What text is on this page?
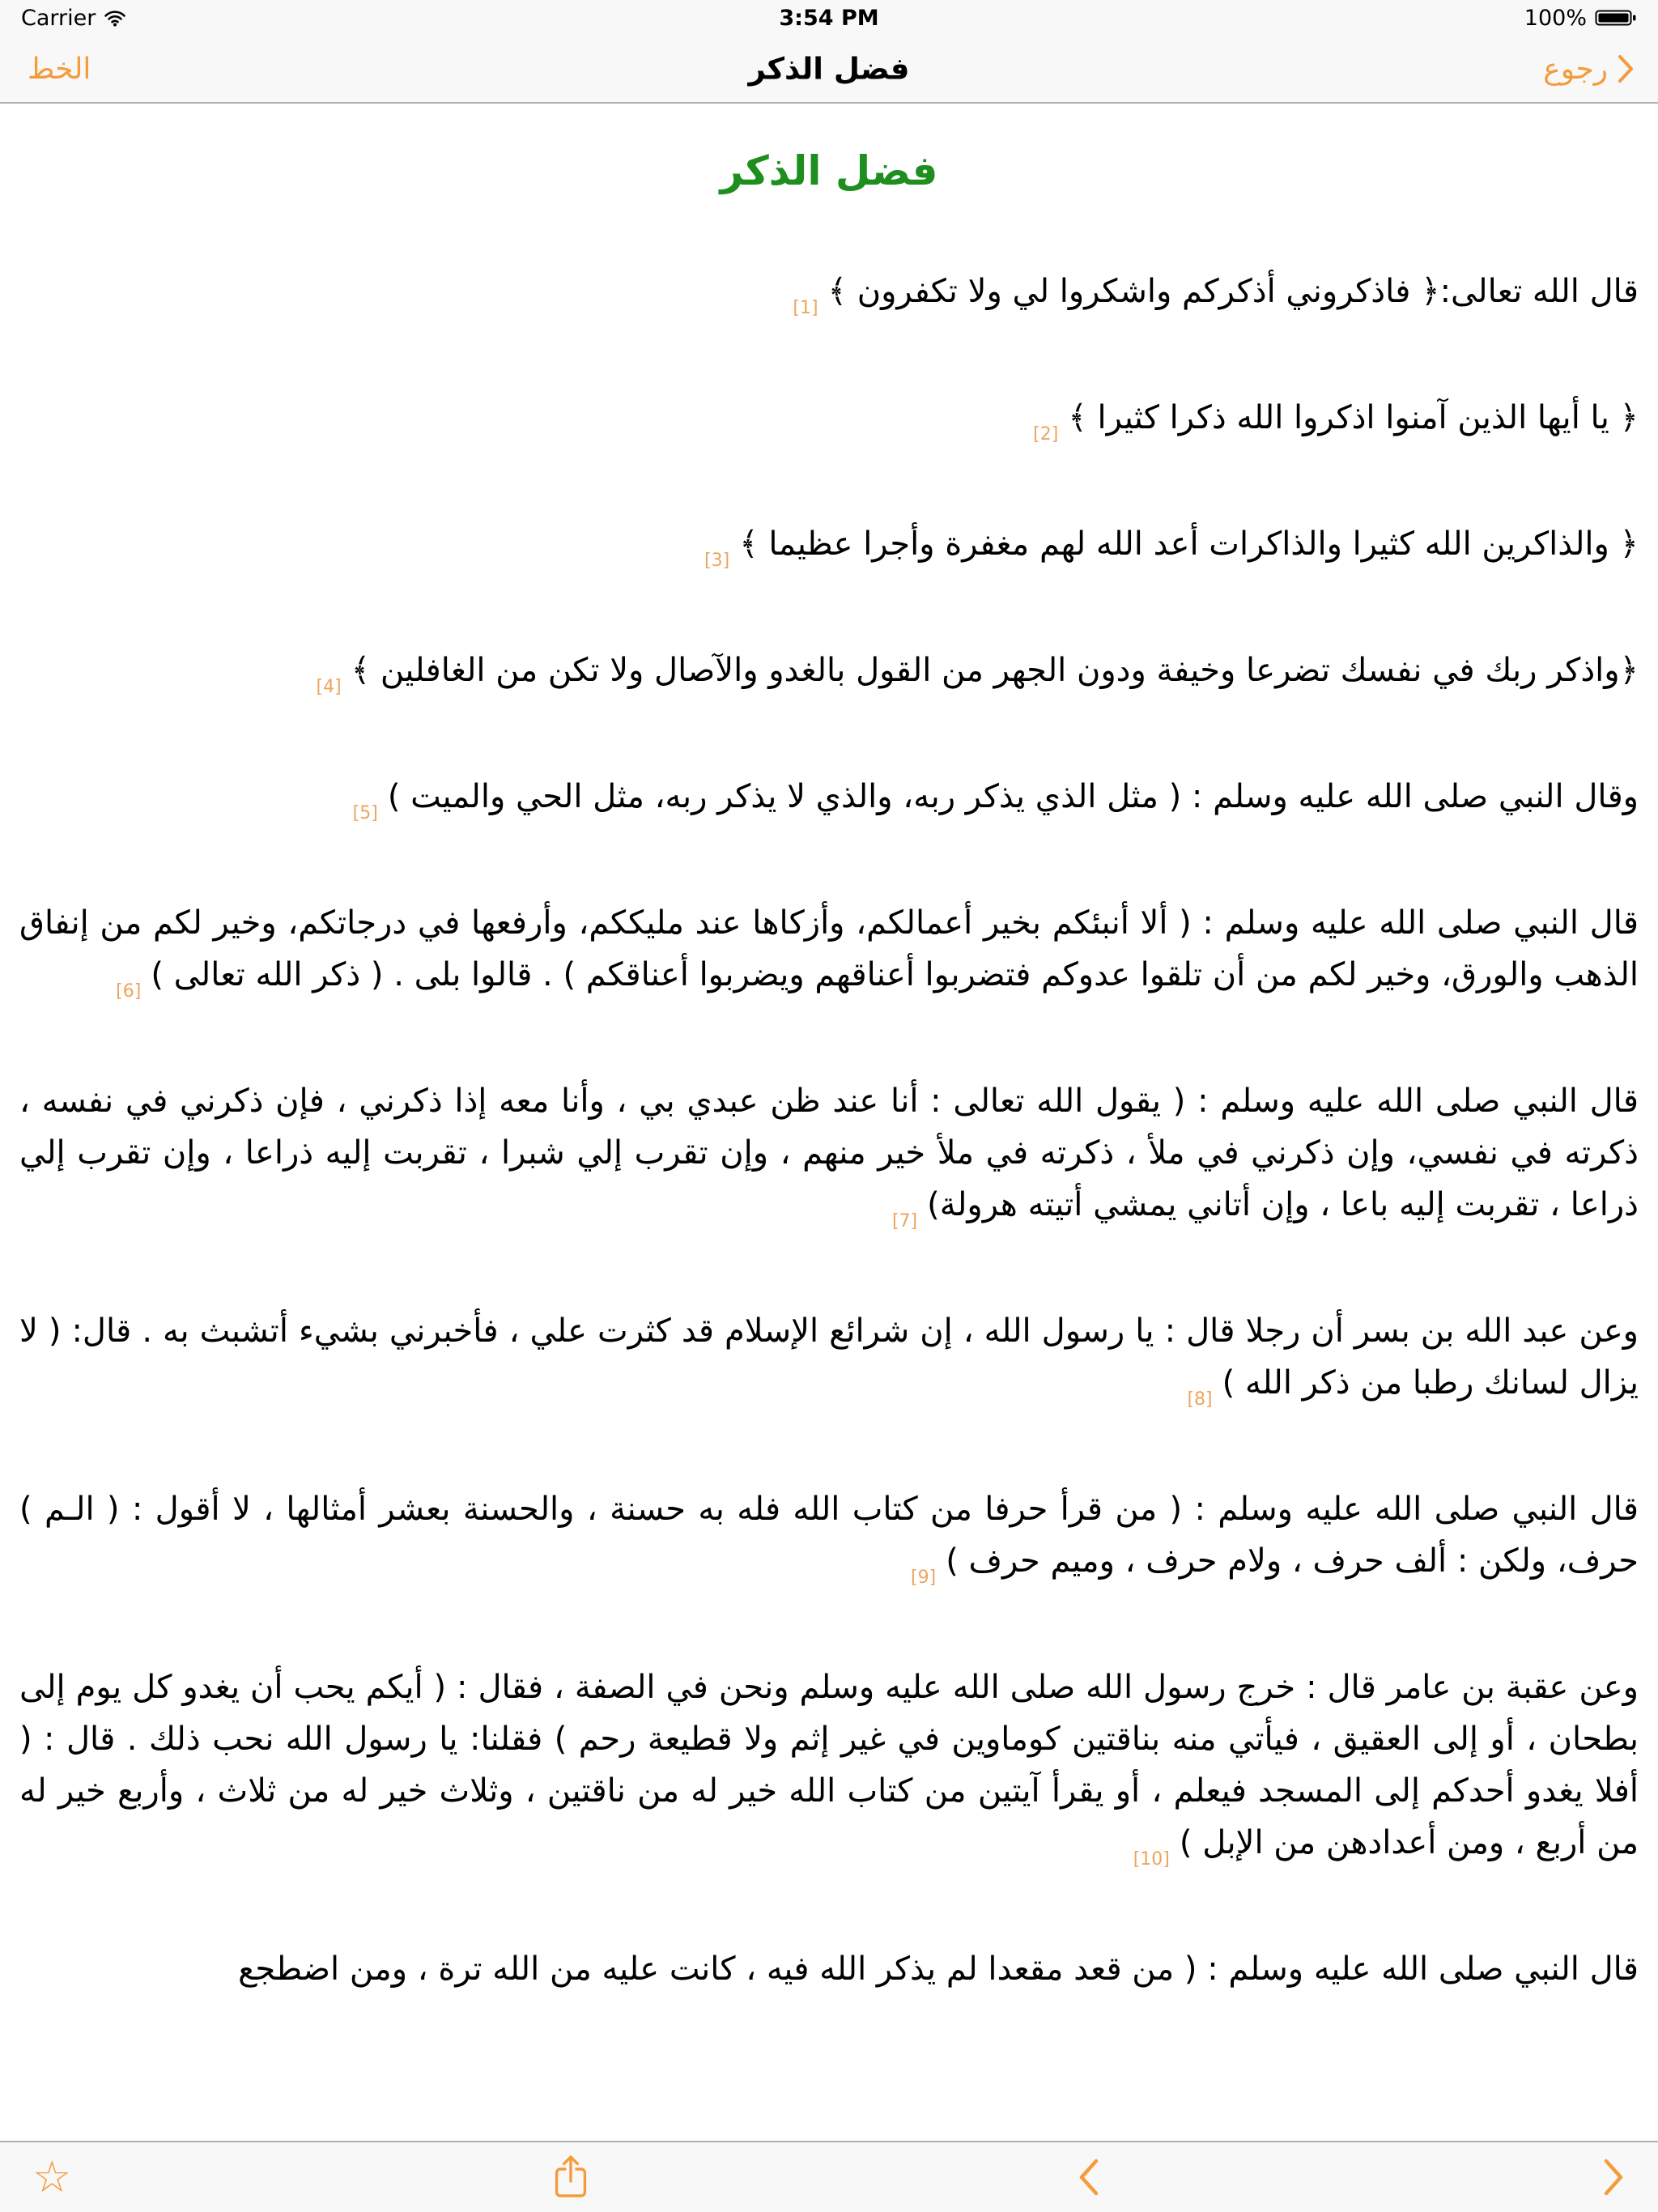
Carrier	3:54 PM	100%
الخط	فضل الذكر	رجوع
فضل الذكر

قال الله تعالى:﴿ فاذكروني أذكركم واشكروا لي ولا تكفرون $﴾_{[1]}$

﴿ يا أيها الذين آمنوا اذكروا الله ذكرا كثيرا $﴾_{[2]}$

﴿ والذاكرين الله كثيرا والذاكرات أعد الله لهم مغفرة وأجرا عظيما $﴾_{[3]}$

﴿واذكر ربك في نفسك تضرعا وخيفة ودون الجهر من القول بالغدو والآصال ولا تكن من الغافلين $﴾_{[4]}$

وقال النبي صلى الله عليه وسلم : ( مثل الذي يذكر ربه، والذي لا يذكر ربه، مثل الحي والميت )$_{[5]}$

قال النبي صلى الله عليه وسلم : ( ألا أنبئكم بخير أعمالكم، وأزكاها عند مليككم، وأرفعها في درجاتكم، وخير لكم من إنفاق الذهب والورق، وخير لكم من أن تلقوا عدوكم فتضربوا أعناقهم ويضربوا أعناقكم ) . قالوا بلى . ( ذكر الله تعالى )$_{[6]}$

قال النبي صلى الله عليه وسلم : ( يقول الله تعالى : أنا عند ظن عبدي بي ، وأنا معه إذا ذكرني ، فإن ذكرني في نفسه ، ذكرته في نفسي، وإن ذكرني في ملأ ، ذكرته في ملأ خير منهم ، وإن تقرب إلي شبرا ، تقربت إليه ذراعا ، وإن تقرب إلي ذراعا ، تقربت إليه باعا ، وإن أتاني يمشي أتيته $هرولة)_{[7]}$

وعن عبد الله بن بسر أن رجلا قال : يا رسول الله ، إن شرائع الإسلام قد كثرت علي ، فأخبرني بشيء أتشبث به . قال: ( لا يزال لسانك رطبا من ذكر الله )$_{[8]}$

قال النبي صلى الله عليه وسلم : ( من قرأ حرفا من كتاب الله فله به حسنة ، والحسنة بعشر أمثالها ، لا أقول : ( الـم ) حرف، ولكن : ألف حرف ، ولام حرف ، وميم حرف )$_{[9]}$

وعن عقبة بن عامر قال : خرج رسول الله صلى الله عليه وسلم ونحن في الصفة ، فقال : ( أيكم يحب أن يغدو كل يوم إلى بطحان ، أو إلى العقيق ، فيأتي منه بناقتين كوماوين في غير إثم ولا قطيعة رحم ) فقلنا: يا رسول الله نحب ذلك . قال : ( أفلا يغدو أحدكم إلى المسجد فيعلم ، أو يقرأ آيتين من كتاب الله خير له من ناقتين ، وثلاث خير له من ثلاث ، وأربع خير له من أربع ، ومن أعدادهن من الإبل )$_{[10]}$

قال النبي صلى الله عليه وسلم : ( من قعد مقعدا لم يذكر الله فيه ، كانت عليه من الله ترة ، ومن اضطجع

☆
